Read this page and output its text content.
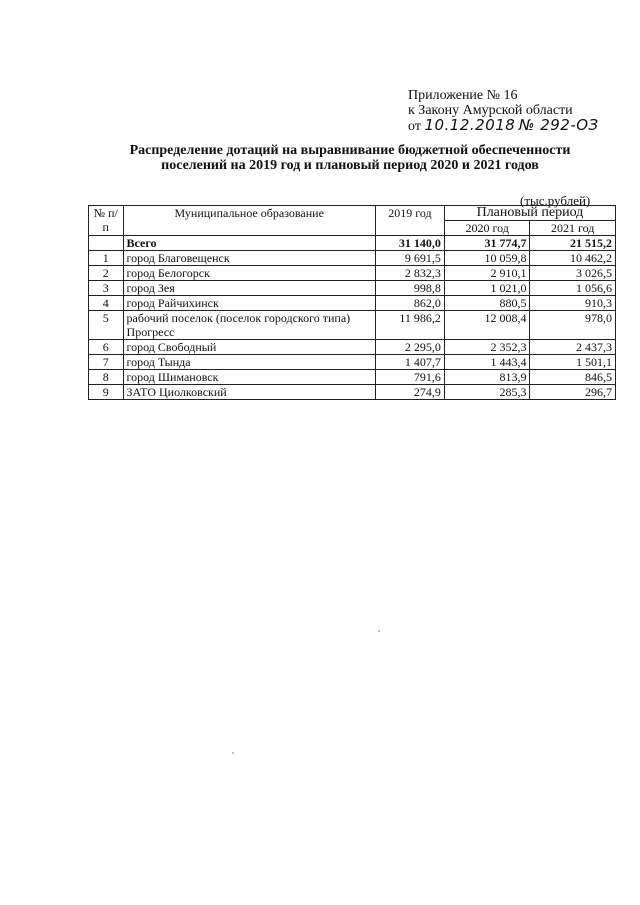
Приложение № 16
к Закону Амурской области
от 10.12.2018 № 292-ОЗ
Распределение дотаций на выравнивание бюджетной обеспеченности
поселений на 2019 год и плановый период 2020 и 2021 годов
(тыс.рублей)
№ п/п	Муниципальное образование	2019 год	Плановый период	
			2020 год	2021 год
	Всего	31 140,0	31 774,7	21 515,2
1	город Благовещенск	9 691,5	10 059,8	10 462,2
2	город Белогорск	2 832,3	2 910,1	3 026,5
3	город Зея	998,8	1 021,0	1 056,6
4	город Райчихинск	862,0	880,5	910,3
5	рабочий поселок (поселок городского типа) Прогресс	11 986,2	12 008,4	978,0
6	город Свободный	2 295,0	2 352,3	2 437,3
7	город Тында	1 407,7	1 443,4	1 501,1
8	город Шимановск	791,6	813,9	846,5
9	ЗАТО Циолковский	274,9	285,3	296,7
